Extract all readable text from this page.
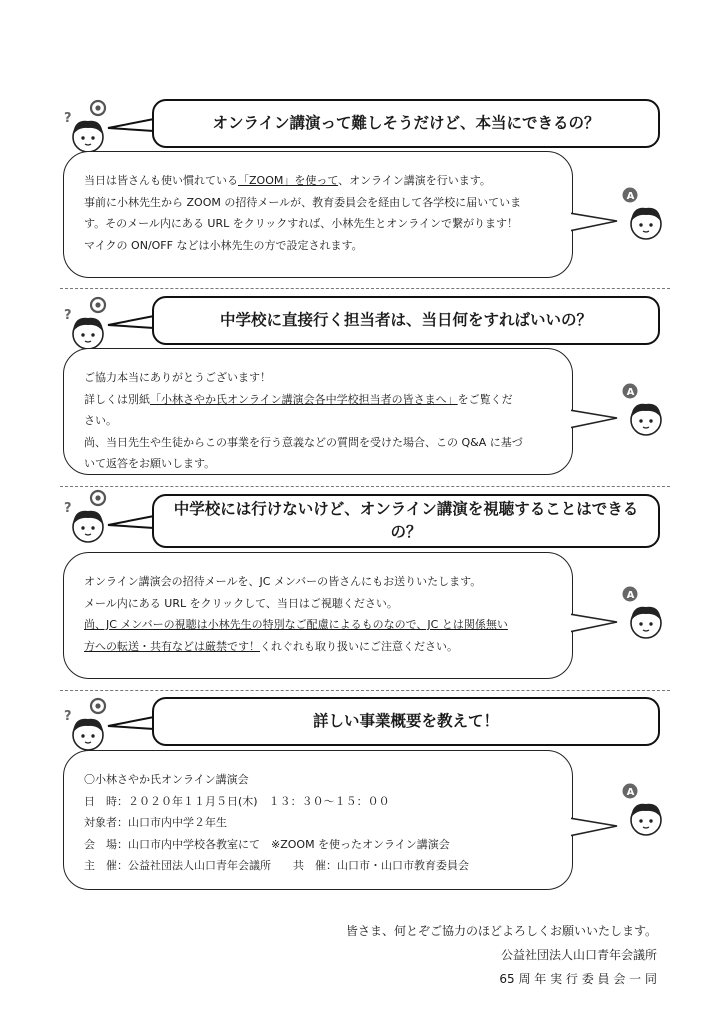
?	オンライン講演って難しそうだけど、本当にできるの？

当日は皆さんも使い慣れている「ZOOM」を使って、オンライン講演を行います。

事前に小林先生から ZOOM の招待メールが、教育委員会を経由して各学校に届いていま

す。そのメール内にある URL をクリックすれば、小林先生とオンラインで繋がります！

マイクの ON/OFF などは小林先生の方で設定されます。

A
?	中学校に直接行く担当者は、当日何をすればいいの？

ご協力本当にありがとうございます！

詳しくは別紙「小林さやか氏オンライン講演会各中学校担当者の皆さまへ」をご覧くだ

さい。

尚、当日先生や生徒からこの事業を行う意義などの質問を受けた場合、この Q&A に基づ

いて返答をお願いします。

A
?	中学校には行けないけど、オンライン講演を視聴することはできるの？

オンライン講演会の招待メールを、JC メンバーの皆さんにもお送りいたします。

メール内にある URL をクリックして、当日はご視聴ください。

尚、JC メンバーの視聴は小林先生の特別なご配慮によるものなので、JC とは関係無い

方への転送・共有などは厳禁です！くれぐれも取り扱いにご注意ください。

A
?	詳しい事業概要を教えて！

〇小林さやか氏オンライン講演会

日　時：２０２０年１１月５日(木)　１３：３０～１５：００

対象者：山口市内中学２年生

会　場：山口市内中学校各教室にて　※ZOOM を使ったオンライン講演会

主　催：公益社団法人山口青年会議所　　共　催：山口市・山口市教育委員会

A

皆さま、何とぞご協力のほどよろしくお願いいたします。

公益社団法人山口青年会議所

65 周 年 実 行 委 員 会 一 同
